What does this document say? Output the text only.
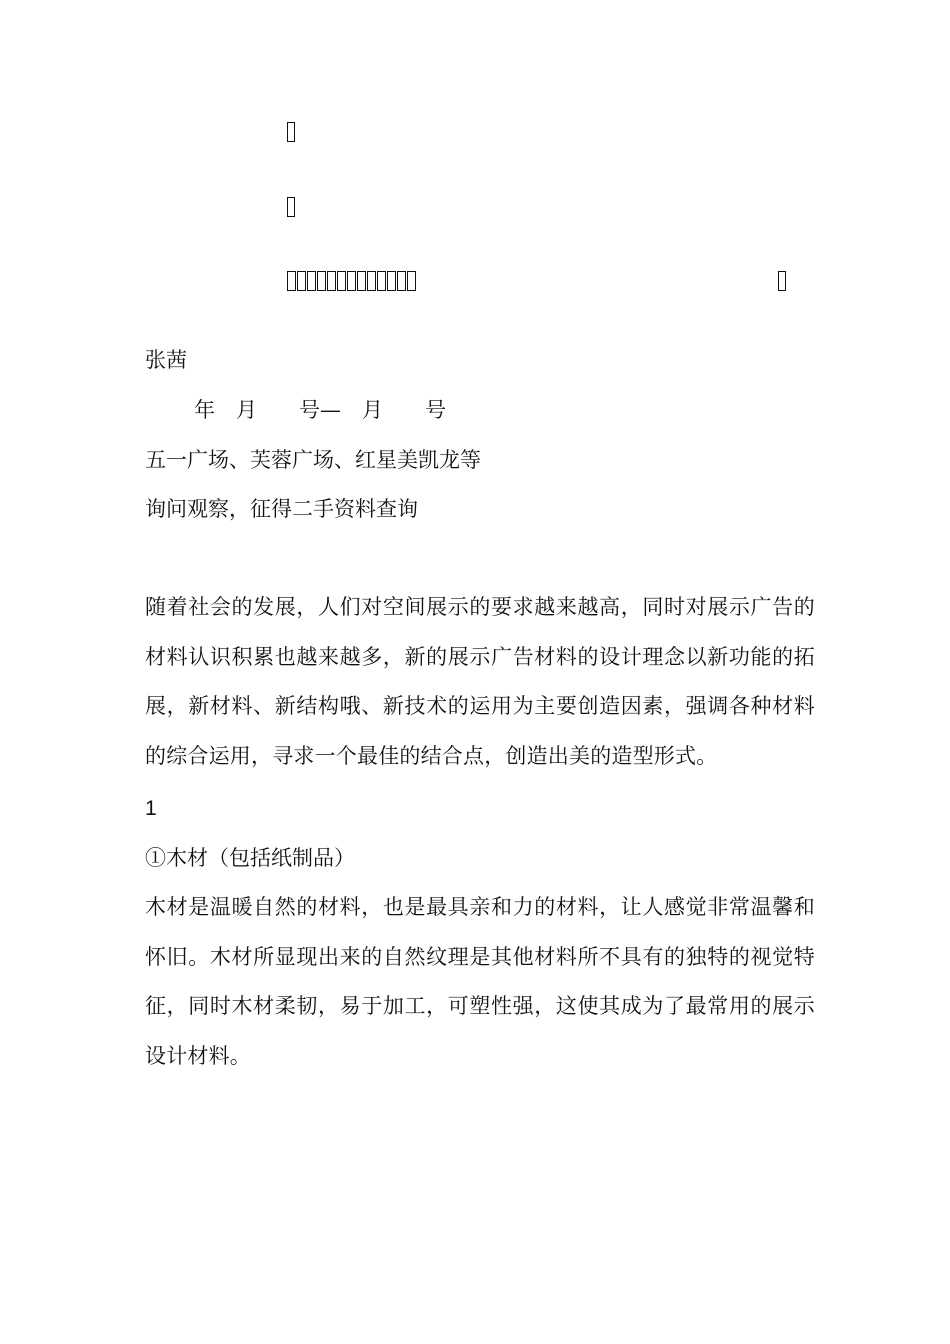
张茜
年　月　　号—　月　　号
五一广场、芙蓉广场、红星美凯龙等
询问观察，征得二手资料查询
随着社会的发展，人们对空间展示的要求越来越高，同时对展示广告的材料认识积累也越来越多，新的展示广告材料的设计理念以新功能的拓展，新材料、新结构哦、新技术的运用为主要创造因素，强调各种材料的综合运用，寻求一个最佳的结合点，创造出美的造型形式。
1
①木材（包括纸制品）
木材是温暖自然的材料，也是最具亲和力的材料，让人感觉非常温馨和怀旧。木材所显现出来的自然纹理是其他材料所不具有的独特的视觉特征，同时木材柔韧，易于加工，可塑性强，这使其成为了最常用的展示设计材料。
